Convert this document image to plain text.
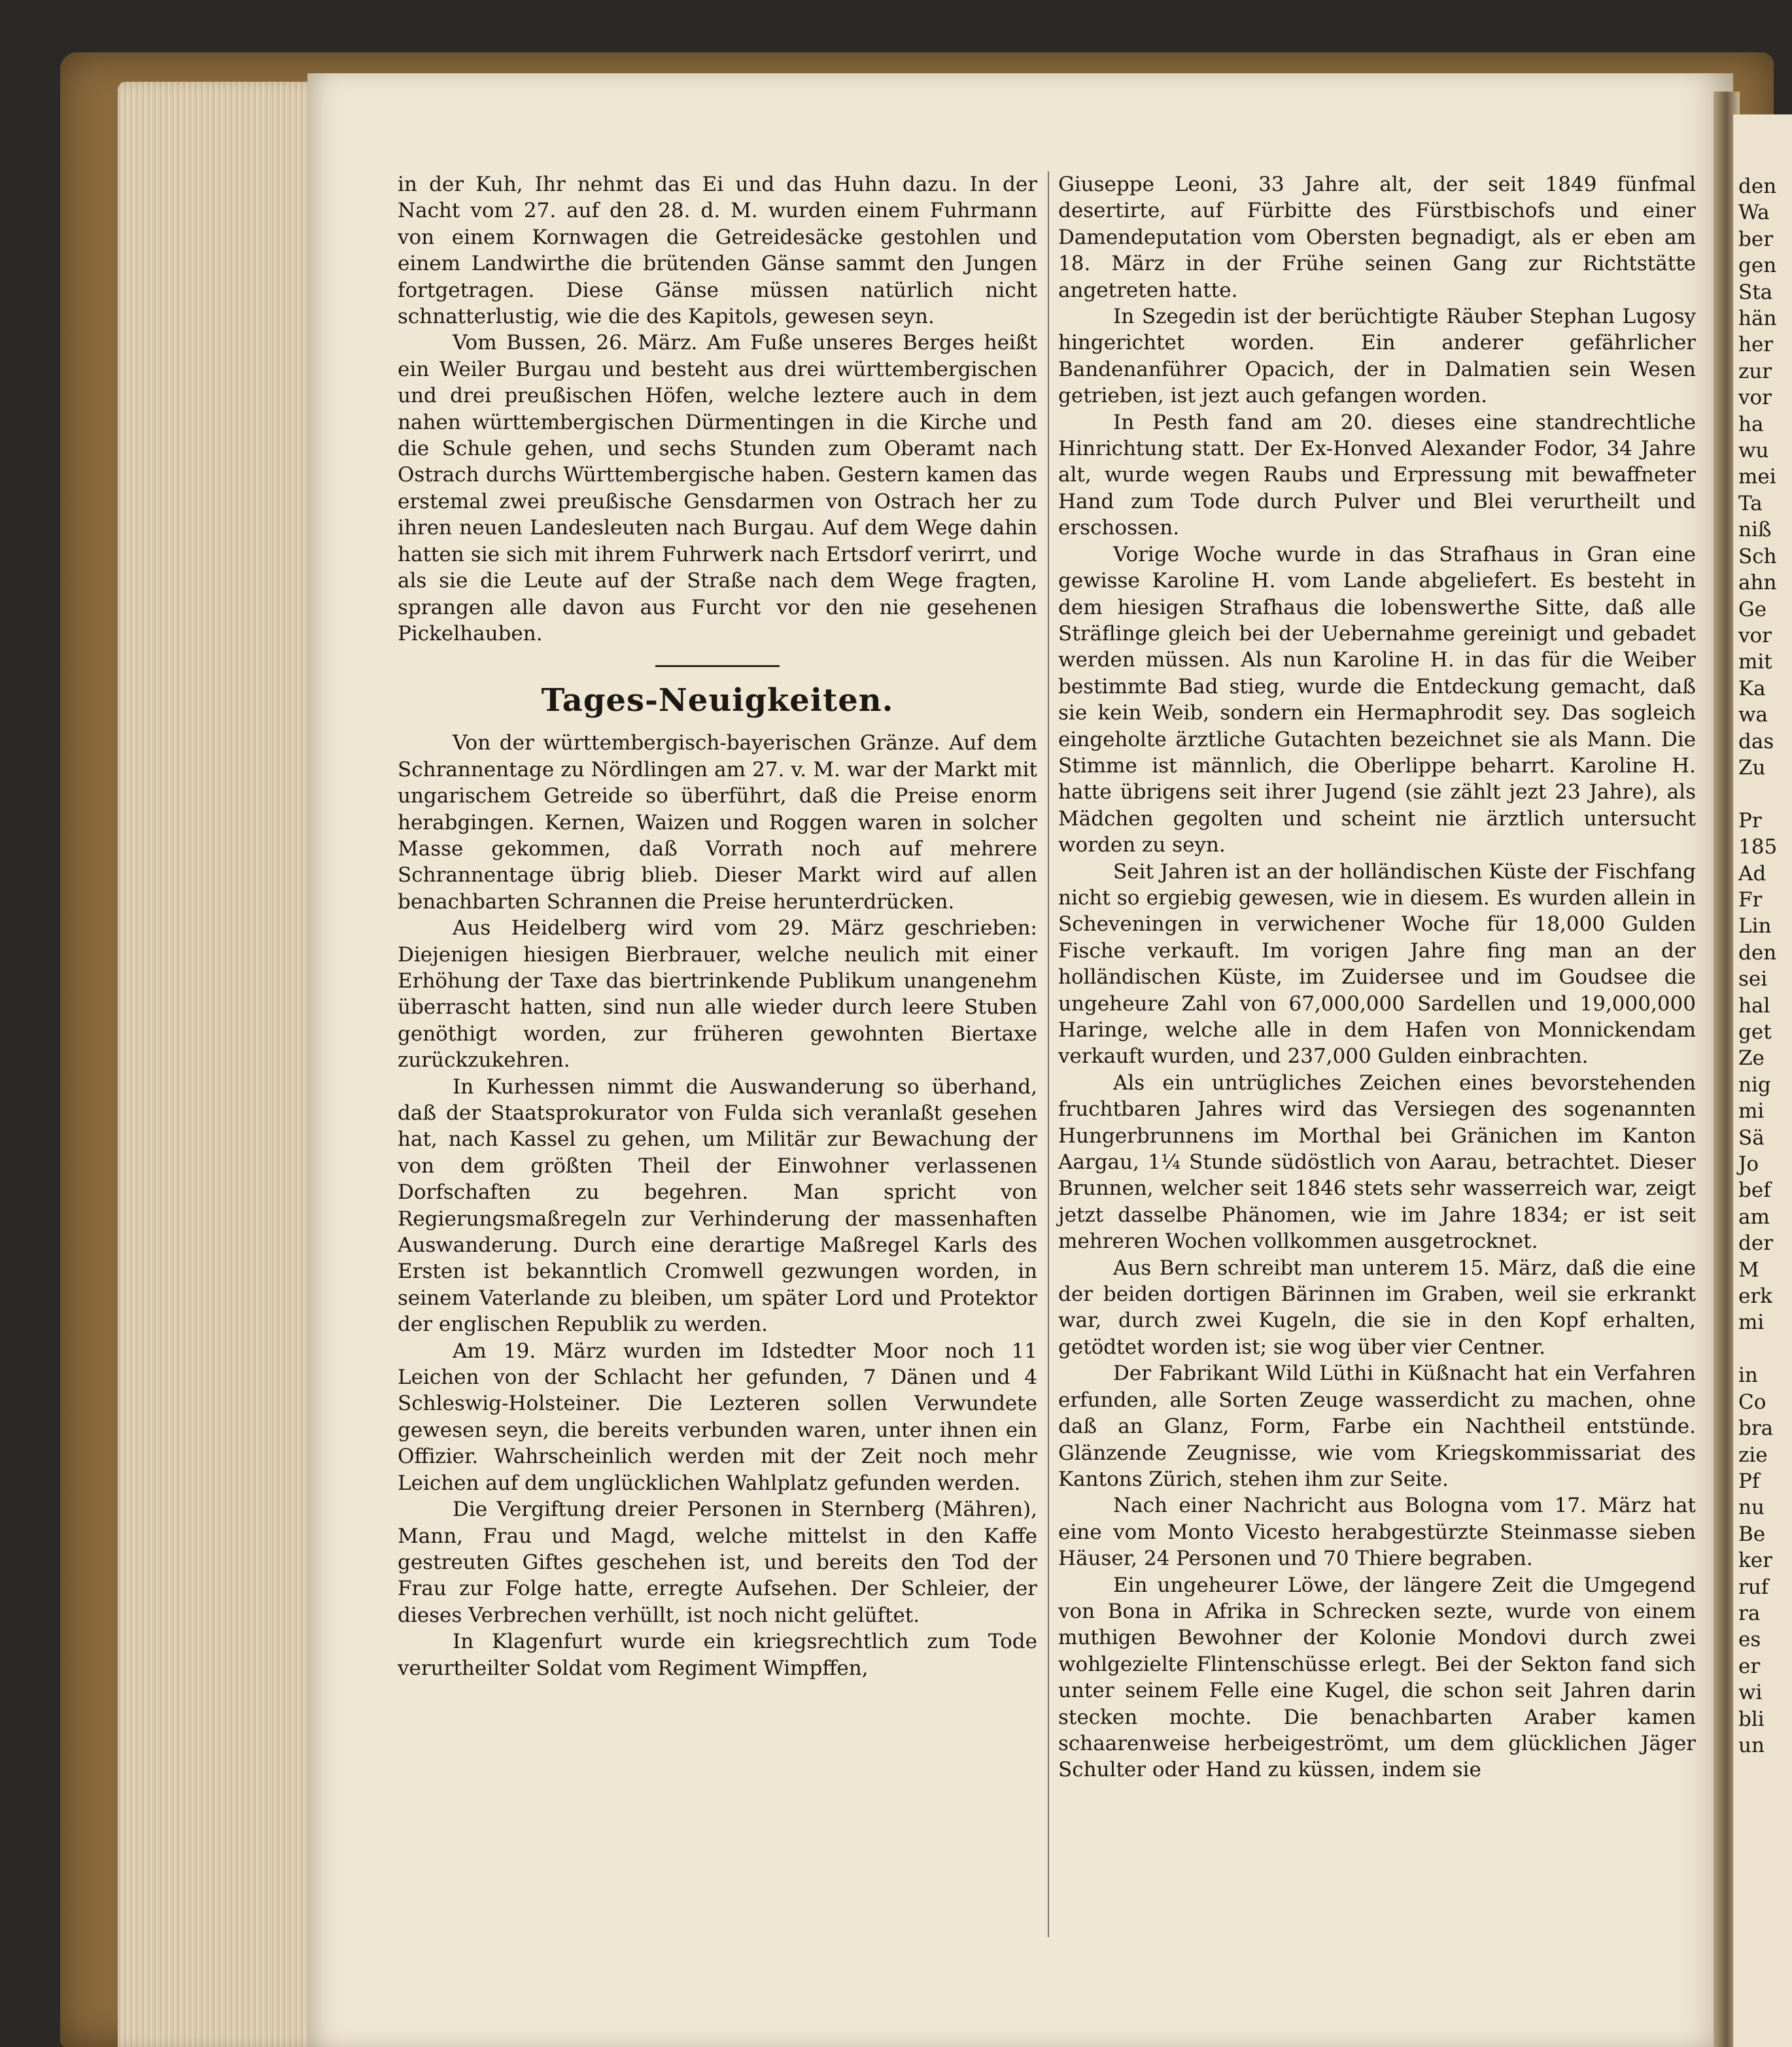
in der Kuh, Ihr nehmt das Ei und das Huhn dazu. In der Nacht vom 27. auf den 28. d. M. wurden einem Fuhrmann von einem Kornwagen die Getreidesäcke gestohlen und einem Landwirthe die brütenden Gänse sammt den Jungen fortgetragen. Diese Gänse müssen natürlich nicht schnatterlustig, wie die des Kapitols, gewesen seyn.

Vom Bussen, 26. März. Am Fuße unseres Berges heißt ein Weiler Burgau und besteht aus drei württembergischen und drei preußischen Höfen, welche leztere auch in dem nahen württembergischen Dürmentingen in die Kirche und die Schule gehen, und sechs Stunden zum Oberamt nach Ostrach durchs Württembergische haben. Gestern kamen das erstemal zwei preußische Gensdarmen von Ostrach her zu ihren neuen Landesleuten nach Burgau. Auf dem Wege dahin hatten sie sich mit ihrem Fuhrwerk nach Ertsdorf verirrt, und als sie die Leute auf der Straße nach dem Wege fragten, sprangen alle davon aus Furcht vor den nie gesehenen Pickelhauben.

Tages-Neuigkeiten.

Von der württembergisch-bayerischen Gränze. Auf dem Schrannentage zu Nördlingen am 27. v. M. war der Markt mit ungarischem Getreide so überführt, daß die Preise enorm herabgingen. Kernen, Waizen und Roggen waren in solcher Masse gekommen, daß Vorrath noch auf mehrere Schrannentage übrig blieb. Dieser Markt wird auf allen benachbarten Schrannen die Preise herunterdrücken.

Aus Heidelberg wird vom 29. März geschrieben: Diejenigen hiesigen Bierbrauer, welche neulich mit einer Erhöhung der Taxe das biertrinkende Publikum unangenehm überrascht hatten, sind nun alle wieder durch leere Stuben genöthigt worden, zur früheren gewohnten Biertaxe zurückzukehren.

In Kurhessen nimmt die Auswanderung so überhand, daß der Staatsprokurator von Fulda sich veranlaßt gesehen hat, nach Kassel zu gehen, um Militär zur Bewachung der von dem größten Theil der Einwohner verlassenen Dorfschaften zu begehren. Man spricht von Regierungsmaßregeln zur Verhinderung der massenhaften Auswanderung. Durch eine derartige Maßregel Karls des Ersten ist bekanntlich Cromwell gezwungen worden, in seinem Vaterlande zu bleiben, um später Lord und Protektor der englischen Republik zu werden.

Am 19. März wurden im Idstedter Moor noch 11 Leichen von der Schlacht her gefunden, 7 Dänen und 4 Schleswig-Holsteiner. Die Lezteren sollen Verwundete gewesen seyn, die bereits verbunden waren, unter ihnen ein Offizier. Wahrscheinlich werden mit der Zeit noch mehr Leichen auf dem unglücklichen Wahlplatz gefunden werden.

Die Vergiftung dreier Personen in Sternberg (Mähren), Mann, Frau und Magd, welche mittelst in den Kaffe gestreuten Giftes geschehen ist, und bereits den Tod der Frau zur Folge hatte, erregte Aufsehen. Der Schleier, der dieses Verbrechen verhüllt, ist noch nicht gelüftet.

In Klagenfurt wurde ein kriegsrechtlich zum Tode verurtheilter Soldat vom Regiment Wimpffen,

Giuseppe Leoni, 33 Jahre alt, der seit 1849 fünfmal desertirte, auf Fürbitte des Fürstbischofs und einer Damendeputation vom Obersten begnadigt, als er eben am 18. März in der Frühe seinen Gang zur Richtstätte angetreten hatte.

In Szegedin ist der berüchtigte Räuber Stephan Lugosy hingerichtet worden. Ein anderer gefährlicher Bandenanführer Opacich, der in Dalmatien sein Wesen getrieben, ist jezt auch gefangen worden.

In Pesth fand am 20. dieses eine standrechtliche Hinrichtung statt. Der Ex-Honved Alexander Fodor, 34 Jahre alt, wurde wegen Raubs und Erpressung mit bewaffneter Hand zum Tode durch Pulver und Blei verurtheilt und erschossen.

Vorige Woche wurde in das Strafhaus in Gran eine gewisse Karoline H. vom Lande abgeliefert. Es besteht in dem hiesigen Strafhaus die lobenswerthe Sitte, daß alle Sträflinge gleich bei der Uebernahme gereinigt und gebadet werden müssen. Als nun Karoline H. in das für die Weiber bestimmte Bad stieg, wurde die Entdeckung gemacht, daß sie kein Weib, sondern ein Hermaphrodit sey. Das sogleich eingeholte ärztliche Gutachten bezeichnet sie als Mann. Die Stimme ist männlich, die Oberlippe beharrt. Karoline H. hatte übrigens seit ihrer Jugend (sie zählt jezt 23 Jahre), als Mädchen gegolten und scheint nie ärztlich untersucht worden zu seyn.

Seit Jahren ist an der holländischen Küste der Fischfang nicht so ergiebig gewesen, wie in diesem. Es wurden allein in Scheveningen in verwichener Woche für 18,000 Gulden Fische verkauft. Im vorigen Jahre fing man an der holländischen Küste, im Zuidersee und im Goudsee die ungeheure Zahl von 67,000,000 Sardellen und 19,000,000 Haringe, welche alle in dem Hafen von Monnickendam verkauft wurden, und 237,000 Gulden einbrachten.

Als ein untrügliches Zeichen eines bevorstehenden fruchtbaren Jahres wird das Versiegen des sogenannten Hungerbrunnens im Morthal bei Gränichen im Kanton Aargau, 1¼ Stunde südöstlich von Aarau, betrachtet. Dieser Brunnen, welcher seit 1846 stets sehr wasserreich war, zeigt jetzt dasselbe Phänomen, wie im Jahre 1834; er ist seit mehreren Wochen vollkommen ausgetrocknet.

Aus Bern schreibt man unterem 15. März, daß die eine der beiden dortigen Bärinnen im Graben, weil sie erkrankt war, durch zwei Kugeln, die sie in den Kopf erhalten, getödtet worden ist; sie wog über vier Centner.

Der Fabrikant Wild Lüthi in Küßnacht hat ein Verfahren erfunden, alle Sorten Zeuge wasserdicht zu machen, ohne daß an Glanz, Form, Farbe ein Nachtheil entstünde. Glänzende Zeugnisse, wie vom Kriegskommissariat des Kantons Zürich, stehen ihm zur Seite.

Nach einer Nachricht aus Bologna vom 17. März hat eine vom Monto Vicesto herabgestürzte Steinmasse sieben Häuser, 24 Personen und 70 Thiere begraben.

Ein ungeheurer Löwe, der längere Zeit die Umgegend von Bona in Afrika in Schrecken sezte, wurde von einem muthigen Bewohner der Kolonie Mondovi durch zwei wohlgezielte Flintenschüsse erlegt. Bei der Sekton fand sich unter seinem Felle eine Kugel, die schon seit Jahren darin stecken mochte. Die benachbarten Araber kamen schaarenweise herbeigeströmt, um dem glücklichen Jäger Schulter oder Hand zu küssen, indem sie

den
Wa
ber
gen
Sta
hän
her
zur
vor
ha
wu
mei
Ta
niß
Sch
ahn
Ge
vor
mit
Ka
wa
das
Zu

Pr
185
Ad
Fr
Lin
den
sei
hal
get
Ze
nig
mi
Sä
Jo
bef
am
der
M
erk
mi

in
Co
bra
zie
Pf
nu
Be
ker
ruf
ra
es
er
wi
bli
un
